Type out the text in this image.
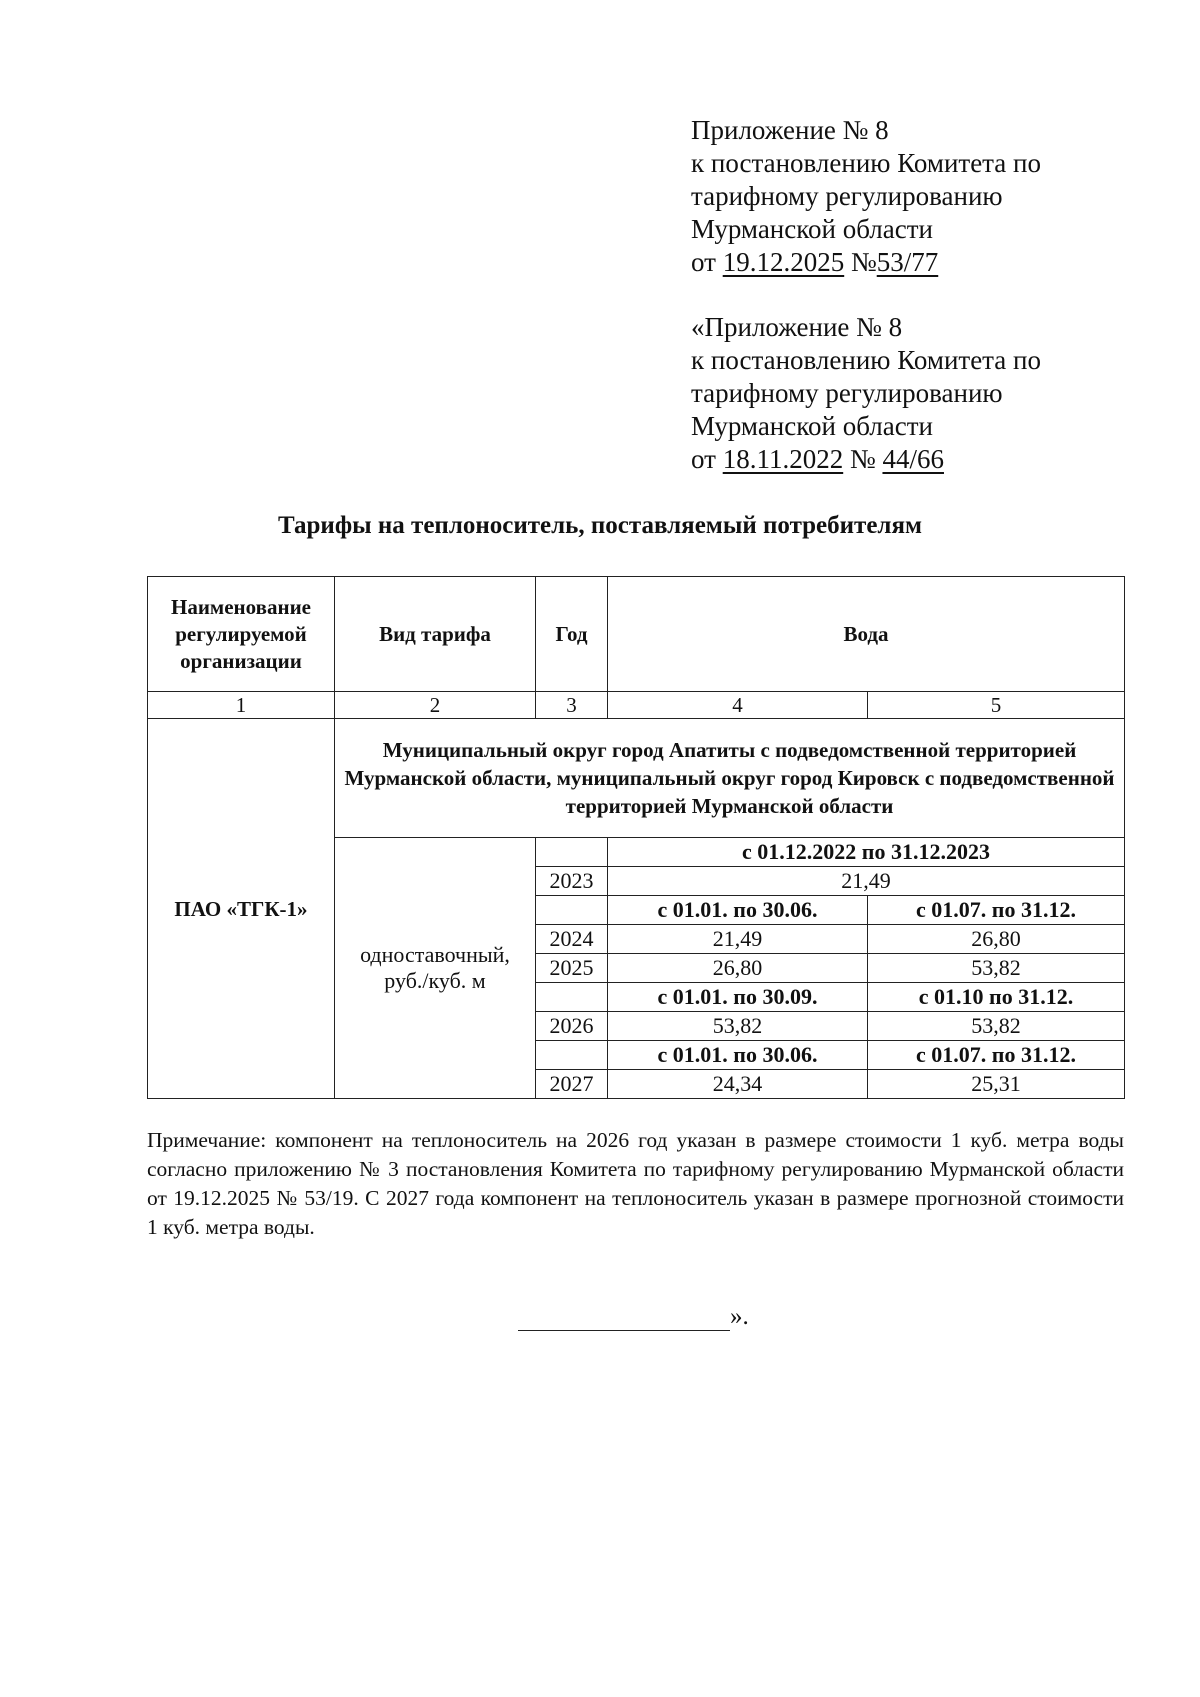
Приложение № 8
к постановлению Комитета по
тарифному регулированию
Мурманской области
от 19.12.2025 №53/77
«Приложение № 8
к постановлению Комитета по
тарифному регулированию
Мурманской области
от 18.11.2022 № 44/66
Тарифы на теплоноситель, поставляемый потребителям
Наименование регулируемой организации	Вид тарифа	Год	Вода	
1	2	3	4	5
ПАО «ТГК-1»	Муниципальный округ город Апатиты с подведомственной территорией Мурманской области, муниципальный округ город Кировск с подведомственной территорией Мурманской области			
	одноставочный, руб./куб. м		с 01.12.2022 по 31.12.2023	
		2023	21,49	
			с 01.01. по 30.06.	с 01.07. по 31.12.
		2024	21,49	26,80
		2025	26,80	53,82
			с 01.01. по 30.09.	с 01.10 по 31.12.
		2026	53,82	53,82
			с 01.01. по 30.06.	с 01.07. по 31.12.
		2027	24,34	25,31
Примечание: компонент на теплоноситель на 2026 год указан в размере стоимости 1 куб. метра воды согласно приложению № 3 постановления Комитета по тарифному регулированию Мурманской области от 19.12.2025 № 53/19. С 2027 года компонент на теплоноситель указан в размере прогнозной стоимости 1 куб. метра воды.
».
